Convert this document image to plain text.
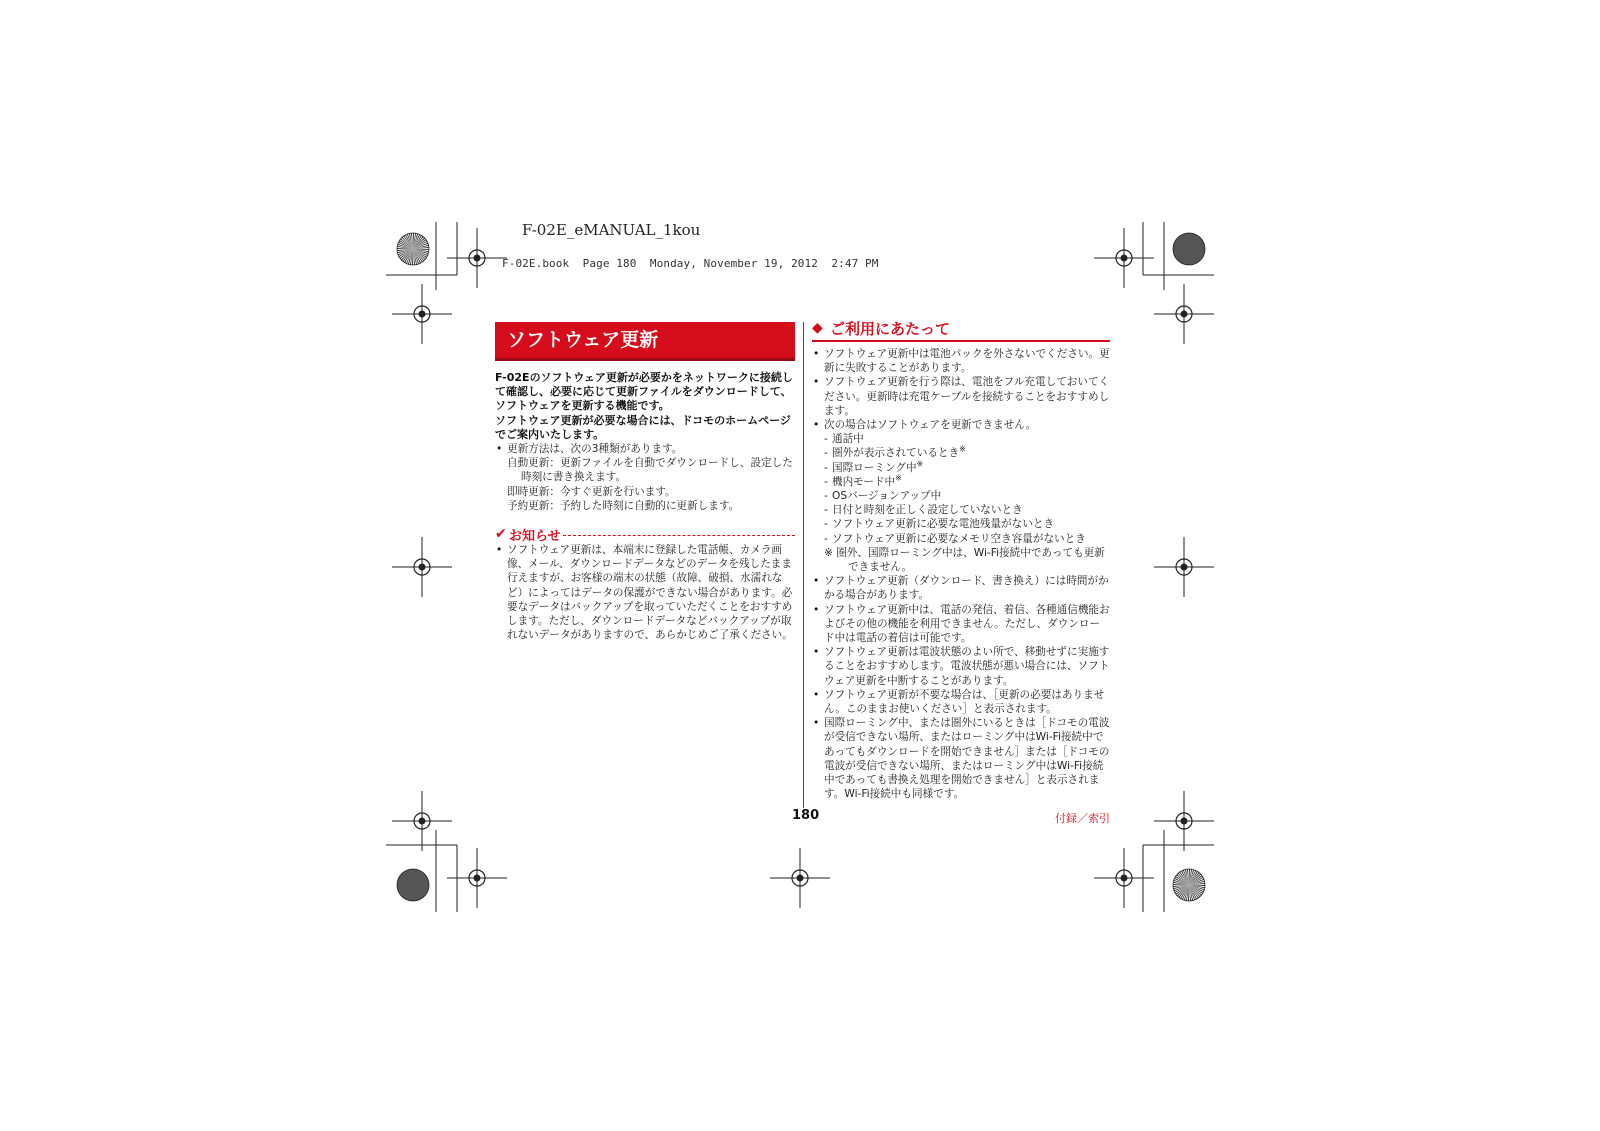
F-02E_eMANUAL_1kou
F-02E.book  Page 180  Monday, November 19, 2012  2:47 PM
ソフトウェア更新
F-02Eのソフトウェア更新が必要かをネットワークに接続して確認し、必要に応じて更新ファイルをダウンロードして、ソフトウェアを更新する機能です。
ソフトウェア更新が必要な場合には、ドコモのホームページでご案内いたします。
• 更新方法は、次の3種類があります。
自動更新：更新ファイルを自動でダウンロードし、設定した時刻に書き換えます。
即時更新：今すぐ更新を行います。
予約更新：予約した時刻に自動的に更新します。
✔ お知らせ
• ソフトウェア更新は、本端末に登録した電話帳、カメラ画像、メール、ダウンロードデータなどのデータを残したまま行えますが、お客様の端末の状態（故障、破損、水濡れなど）によってはデータの保護ができない場合があります。必要なデータはバックアップを取っていただくことをおすすめします。ただし、ダウンロードデータなどバックアップが取れないデータがありますので、あらかじめご了承ください。
◆ ご利用にあたって
• ソフトウェア更新中は電池パックを外さないでください。更新に失敗することがあります。
• ソフトウェア更新を行う際は、電池をフル充電しておいてください。更新時は充電ケーブルを接続することをおすすめします。
• 次の場合はソフトウェアを更新できません。
- 通話中
- 圏外が表示されているとき※
- 国際ローミング中※
- 機内モード中※
- OSバージョンアップ中
- 日付と時刻を正しく設定していないとき
- ソフトウェア更新に必要な電池残量がないとき
- ソフトウェア更新に必要なメモリ空き容量がないとき
※ 圏外、国際ローミング中は、Wi-Fi接続中であっても更新できません。
• ソフトウェア更新（ダウンロード、書き換え）には時間がかかる場合があります。
• ソフトウェア更新中は、電話の発信、着信、各種通信機能およびその他の機能を利用できません。ただし、ダウンロード中は電話の着信は可能です。
• ソフトウェア更新は電波状態のよい所で、移動せずに実施することをおすすめします。電波状態が悪い場合には、ソフトウェア更新を中断することがあります。
• ソフトウェア更新が不要な場合は、［更新の必要はありません。このままお使いください］と表示されます。
• 国際ローミング中、または圏外にいるときは［ドコモの電波が受信できない場所、またはローミング中はWi-Fi接続中であってもダウンロードを開始できません］または［ドコモの電波が受信できない場所、またはローミング中はWi-Fi接続中であっても書換え処理を開始できません］と表示されます。Wi-Fi接続中も同様です。
180	付録／索引
